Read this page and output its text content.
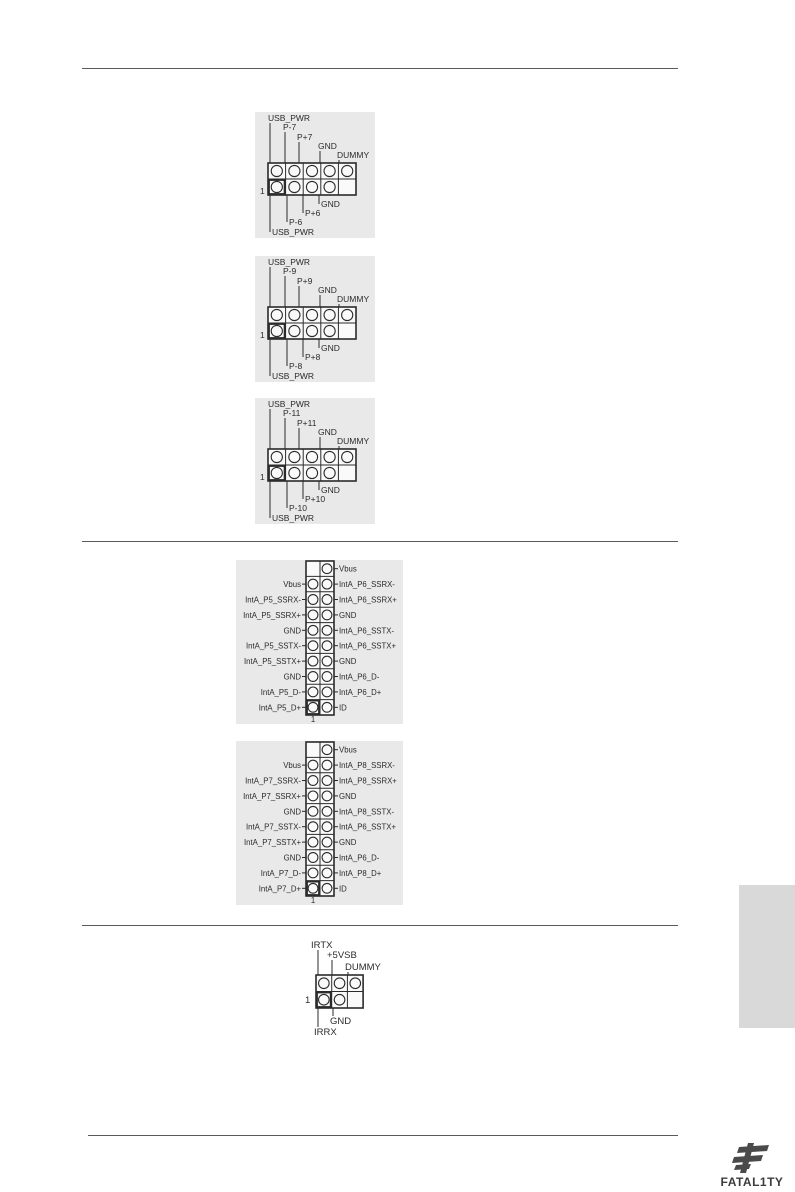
USB_PWR
P-7
P+7
GND
DUMMY
GND
P+6
P-6
USB_PWR
1
USB_PWR
P-9
P+9
GND
DUMMY
GND
P+8
P-8
USB_PWR
1
USB_PWR
P-11
P+11
GND
DUMMY
GND
P+10
P-10
USB_PWR
1
Vbus
Vbus	IntA_P6_SSRX-
IntA_P5_SSRX-	IntA_P6_SSRX+
IntA_P5_SSRX+	GND
GND	IntA_P6_SSTX-
IntA_P5_SSTX-	IntA_P6_SSTX+
IntA_P5_SSTX+	GND
GND	IntA_P6_D-
IntA_P5_D-	IntA_P6_D+
IntA_P5_D+	ID
1
Vbus
Vbus	IntA_P8_SSRX-
IntA_P7_SSRX-	IntA_P8_SSRX+
IntA_P7_SSRX+	GND
GND	IntA_P8_SSTX-
IntA_P7_SSTX-	IntA_P6_SSTX+
IntA_P7_SSTX+	GND
GND	IntA_P6_D-
IntA_P7_D-	IntA_P8_D+
IntA_P7_D+	ID
1
IRTX
+5VSB
DUMMY
GND
IRRX
1
FATAL1TY
